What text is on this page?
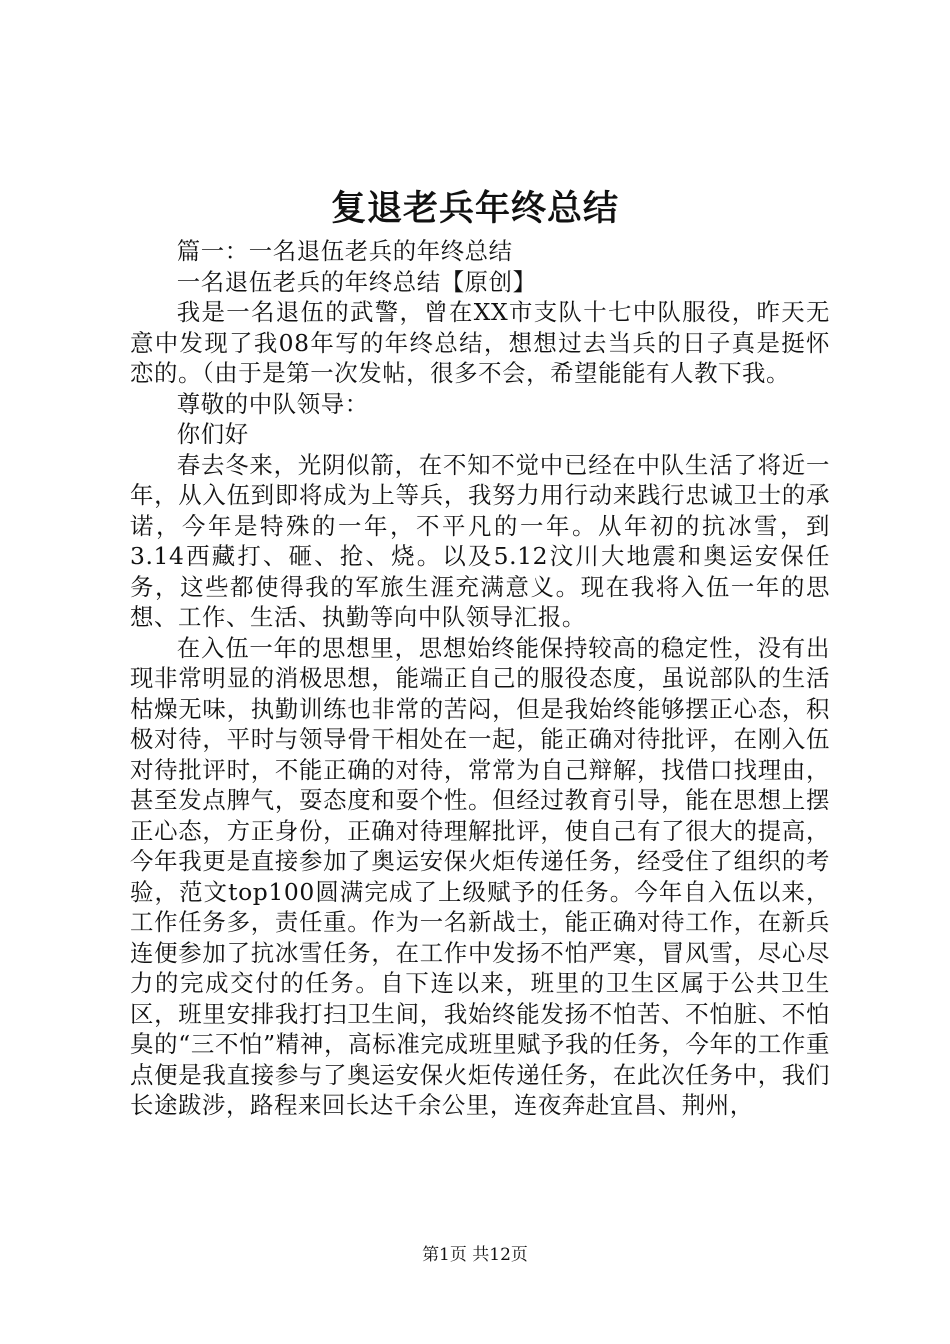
复退老兵年终总结

篇一：一名退伍老兵的年终总结

一名退伍老兵的年终总结【原创】

我是一名退伍的武警，曾在XX市支队十七中队服役，昨天无意中发现了我08年写的年终总结，想想过去当兵的日子真是挺怀恋的。（由于是第一次发帖，很多不会，希望能能有人教下我。

尊敬的中队领导：

你们好

春去冬来，光阴似箭，在不知不觉中已经在中队生活了将近一年，从入伍到即将成为上等兵，我努力用行动来践行忠诚卫士的承诺，今年是特殊的一年，不平凡的一年。从年初的抗冰雪，到3.14西藏打、砸、抢、烧。以及5.12汶川大地震和奥运安保任务，这些都使得我的军旅生涯充满意义。现在我将入伍一年的思想、工作、生活、执勤等向中队领导汇报。

在入伍一年的思想里，思想始终能保持较高的稳定性，没有出现非常明显的消极思想，能端正自己的服役态度，虽说部队的生活枯燥无味，执勤训练也非常的苦闷，但是我始终能够摆正心态，积极对待，平时与领导骨干相处在一起，能正确对待批评，在刚入伍对待批评时，不能正确的对待，常常为自己辩解，找借口找理由，甚至发点脾气，耍态度和耍个性。但经过教育引导，能在思想上摆正心态，方正身份，正确对待理解批评，使自己有了很大的提高，今年我更是直接参加了奥运安保火炬传递任务，经受住了组织的考验，范文top100圆满完成了上级赋予的任务。今年自入伍以来，工作任务多，责任重。作为一名新战士，能正确对待工作，在新兵连便参加了抗冰雪任务，在工作中发扬不怕严寒，冒风雪，尽心尽力的完成交付的任务。自下连以来，班里的卫生区属于公共卫生区，班里安排我打扫卫生间，我始终能发扬不怕苦、不怕脏、不怕臭的“三不怕”精神，高标准完成班里赋予我的任务，今年的工作重点便是我直接参与了奥运安保火炬传递任务，在此次任务中，我们长途跋涉，路程来回长达千余公里，连夜奔赴宜昌、荆州，

第1页 共12页
